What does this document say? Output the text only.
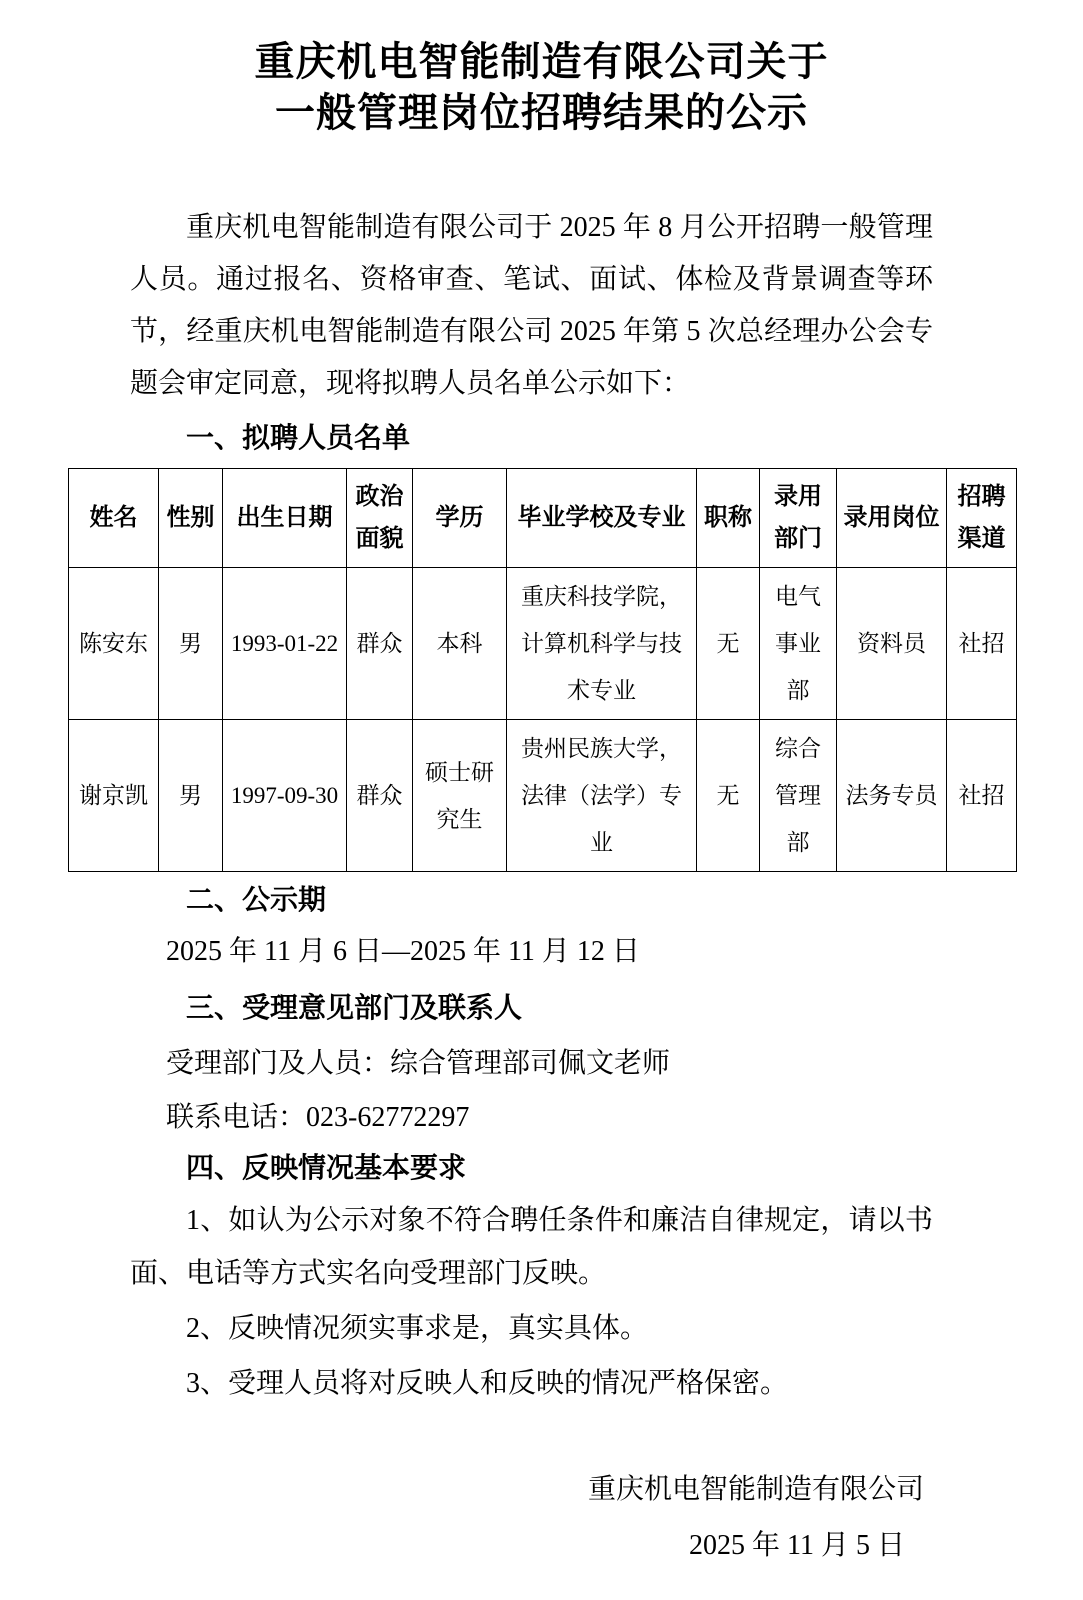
重庆机电智能制造有限公司关于
一般管理岗位招聘结果的公示

重庆机电智能制造有限公司于 2025 年 8 月公开招聘一般管理人员。通过报名、资格审查、笔试、面试、体检及背景调查等环节，经重庆机电智能制造有限公司 2025 年第 5 次总经理办公会专题会审定同意，现将拟聘人员名单公示如下：

一、拟聘人员名单
姓名	性别	出生日期	政治面貌	学历	毕业学校及专业	职称	录用部门	录用岗位	招聘渠道
陈安东	男	1993-01-22	群众	本科	重庆科技学院，计算机科学与技术专业	无	电气事业部	资料员	社招
谢京凯	男	1997-09-30	群众	硕士研究生	贵州民族大学，法律（法学）专业	无	综合管理部	法务专员	社招
二、公示期

2025 年 11 月 6 日—2025 年 11 月 12 日

三、受理意见部门及联系人

受理部门及人员：综合管理部司佩文老师

联系电话：023-62772297

四、反映情况基本要求

1、如认为公示对象不符合聘任条件和廉洁自律规定，请以书面、电话等方式实名向受理部门反映。

2、反映情况须实事求是，真实具体。

3、受理人员将对反映人和反映的情况严格保密。

重庆机电智能制造有限公司
2025 年 11 月 5 日
